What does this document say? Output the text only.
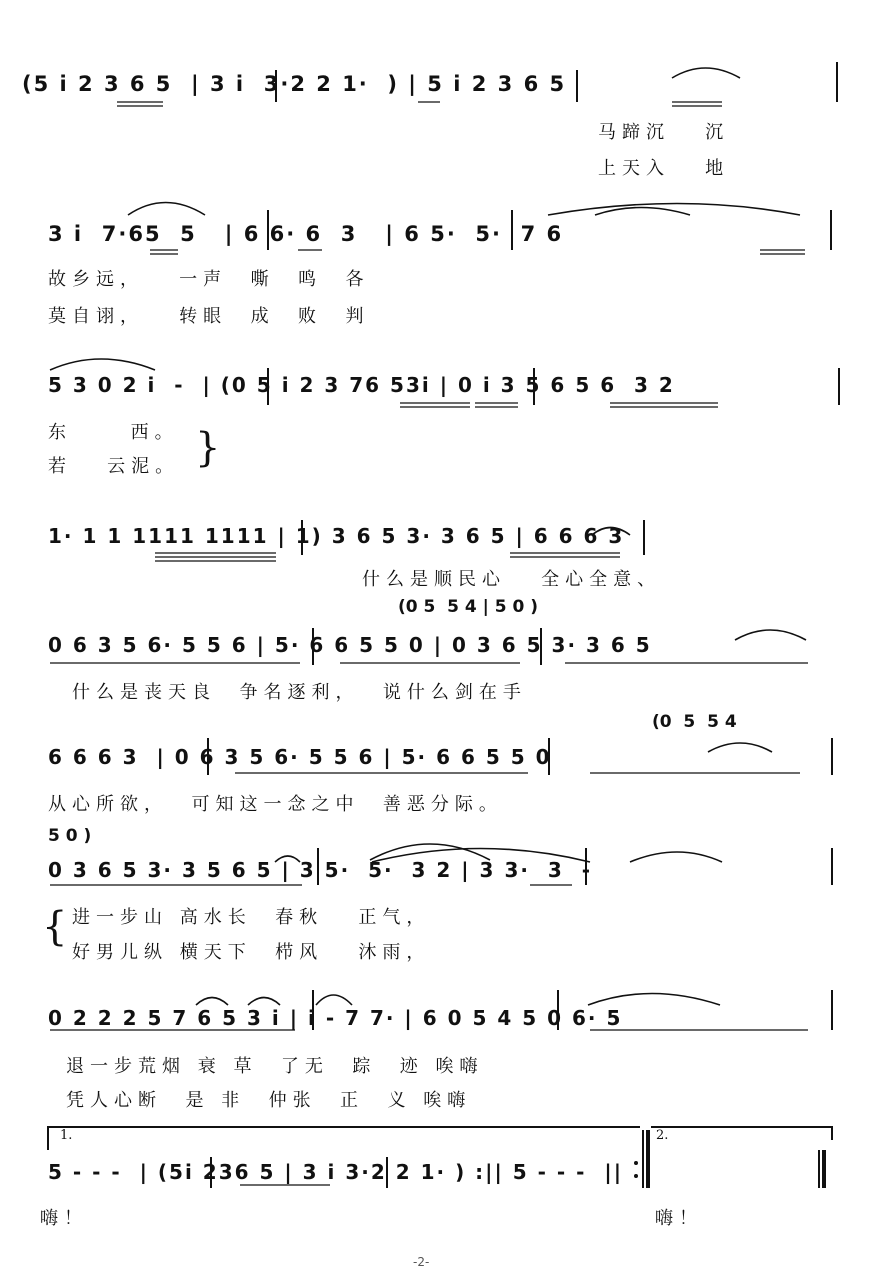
(5 i 2 3 6 5  | 3 i  3·2 2 1·  ) | 5 i 2 3 6 5
马蹄沉   沉
上天入   地
3 i  7·65  5   | 6 6· 6  3   | 6 5·  5·  7 6
故乡远，   一声  嘶  鸣  各
莫自诩，   转眼  成  败  判
5 3 0 2 i  -  | (0 5 i 2 3 76 53i | 0 i 3 5 6 5 6  3 2
东     西。
若   云泥。 }
1· 1 1 1111 1111 | 1) 3 6 5 3· 3 6 5 | 6 6 6 3
什么是顺民心   全心全意、
(0 5  5 4 | 5 0 )
0 6 3 5 6· 5 5 6 | 5· 6 6 5 5 0 | 0 3 6 5 3· 3 6 5
什么是丧天良  争名逐利，  说什么剑在手
(0  5  5 4
6 6 6 3  | 0 6 3 5 6· 5 5 6 | 5· 6 6 5 5 0
从心所欲，  可知这一念之中  善恶分际。
5 0 )
0 3 6 5 3· 3 5 6 5 | 3 5·  5·  3 2 | 3 3·  3  -
{ 进一步山 高水长  春秋   正气，
好男儿纵 横天下  栉风   沐雨，
0 2 2 2 5 7 6 5 3 i | i - 7 7· | 6 0 5 4 5 0 6· 5
退一步荒烟 衰 草  了无  踪  迹 唉嗨
凭人心断  是 非  仲张  正  义 唉嗨
1.	2.
5 - - -  | (5i 236 5 | 3 i 3·2 2 1· ) :|| 5 - - -  ||
嗨！	嗨！
-2-
